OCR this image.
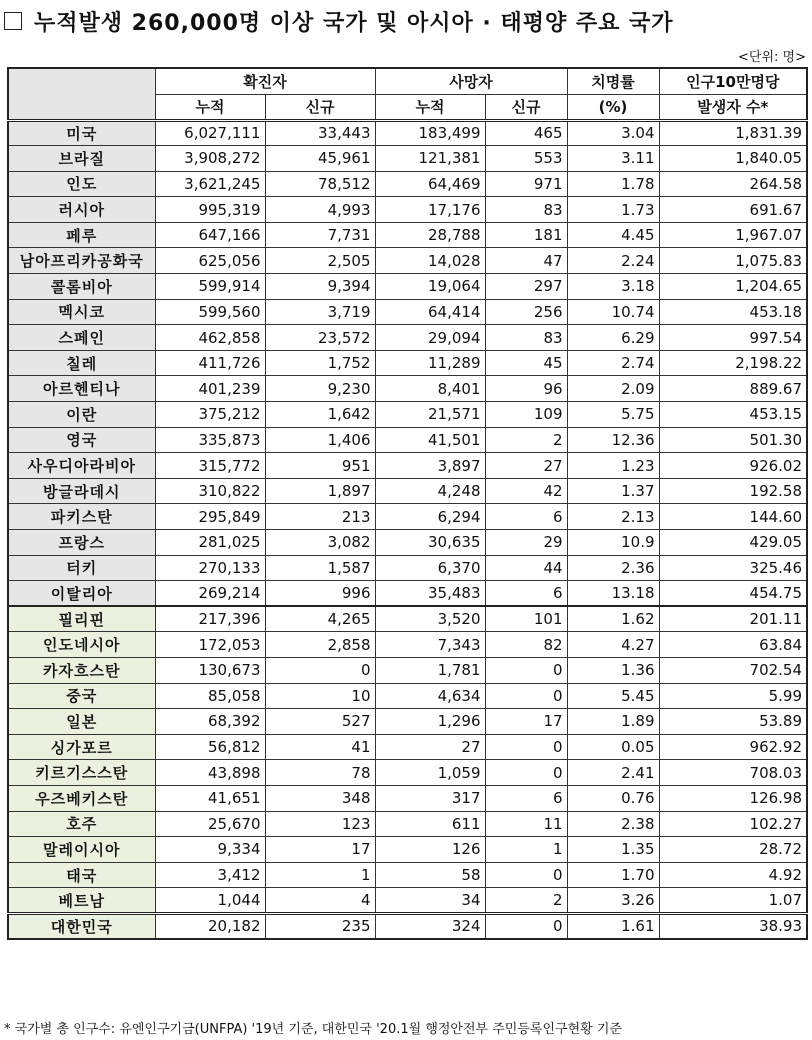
누적발생 260,000명 이상 국가 및 아시아 · 태평양 주요 국가
<단위: 명>
	확진자		사망자		치명률	인구10만명당
	누적	신규	누적	신규	(%)	발생자 수*
미국	6,027,111	33,443	183,499	465	3.04	1,831.39
브라질	3,908,272	45,961	121,381	553	3.11	1,840.05
인도	3,621,245	78,512	64,469	971	1.78	264.58
러시아	995,319	4,993	17,176	83	1.73	691.67
페루	647,166	7,731	28,788	181	4.45	1,967.07
남아프리카공화국	625,056	2,505	14,028	47	2.24	1,075.83
콜롬비아	599,914	9,394	19,064	297	3.18	1,204.65
멕시코	599,560	3,719	64,414	256	10.74	453.18
스페인	462,858	23,572	29,094	83	6.29	997.54
칠레	411,726	1,752	11,289	45	2.74	2,198.22
아르헨티나	401,239	9,230	8,401	96	2.09	889.67
이란	375,212	1,642	21,571	109	5.75	453.15
영국	335,873	1,406	41,501	2	12.36	501.30
사우디아라비아	315,772	951	3,897	27	1.23	926.02
방글라데시	310,822	1,897	4,248	42	1.37	192.58
파키스탄	295,849	213	6,294	6	2.13	144.60
프랑스	281,025	3,082	30,635	29	10.9	429.05
터키	270,133	1,587	6,370	44	2.36	325.46
이탈리아	269,214	996	35,483	6	13.18	454.75
필리핀	217,396	4,265	3,520	101	1.62	201.11
인도네시아	172,053	2,858	7,343	82	4.27	63.84
카자흐스탄	130,673	0	1,781	0	1.36	702.54
중국	85,058	10	4,634	0	5.45	5.99
일본	68,392	527	1,296	17	1.89	53.89
싱가포르	56,812	41	27	0	0.05	962.92
키르기스스탄	43,898	78	1,059	0	2.41	708.03
우즈베키스탄	41,651	348	317	6	0.76	126.98
호주	25,670	123	611	11	2.38	102.27
말레이시아	9,334	17	126	1	1.35	28.72
태국	3,412	1	58	0	1.70	4.92
베트남	1,044	4	34	2	3.26	1.07
대한민국	20,182	235	324	0	1.61	38.93
* 국가별 총 인구수: 유엔인구기금(UNFPA) '19년 기준, 대한민국 '20.1월 행정안전부 주민등록인구현황 기준
